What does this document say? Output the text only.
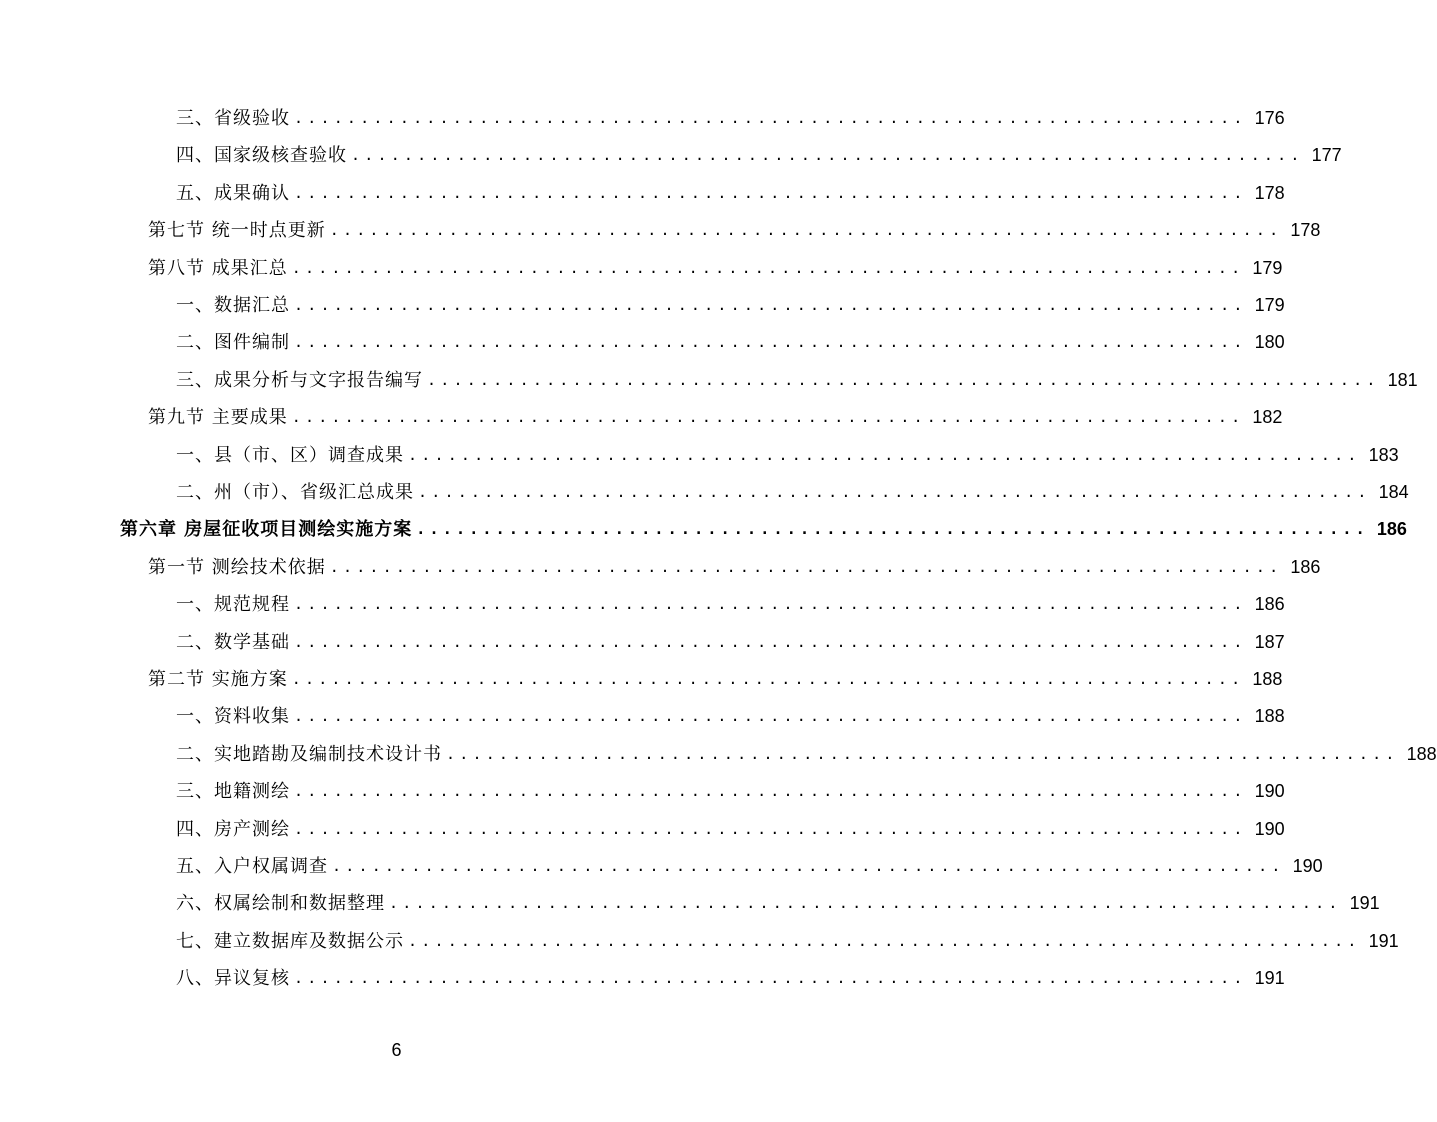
三、省级验收 ........................................................................ 176
四、国家级核查验收 ........................................................................ 177
五、成果确认 ........................................................................ 178
第七节 统一时点更新 ........................................................................ 178
第八节 成果汇总 ........................................................................ 179
一、数据汇总 ........................................................................ 179
二、图件编制 ........................................................................ 180
三、成果分析与文字报告编写 ........................................................................ 181
第九节 主要成果 ........................................................................ 182
一、县（市、区）调查成果 ........................................................................ 183
二、州（市）、省级汇总成果 ........................................................................ 184
第六章 房屋征收项目测绘实施方案 ........................................................................ 186
第一节 测绘技术依据 ........................................................................ 186
一、规范规程 ........................................................................ 186
二、数学基础 ........................................................................ 187
第二节 实施方案 ........................................................................ 188
一、资料收集 ........................................................................ 188
二、实地踏勘及编制技术设计书 ........................................................................ 188
三、地籍测绘 ........................................................................ 190
四、房产测绘 ........................................................................ 190
五、入户权属调查 ........................................................................ 190
六、权属绘制和数据整理 ........................................................................ 191
七、建立数据库及数据公示 ........................................................................ 191
八、异议复核 ........................................................................ 191
6
